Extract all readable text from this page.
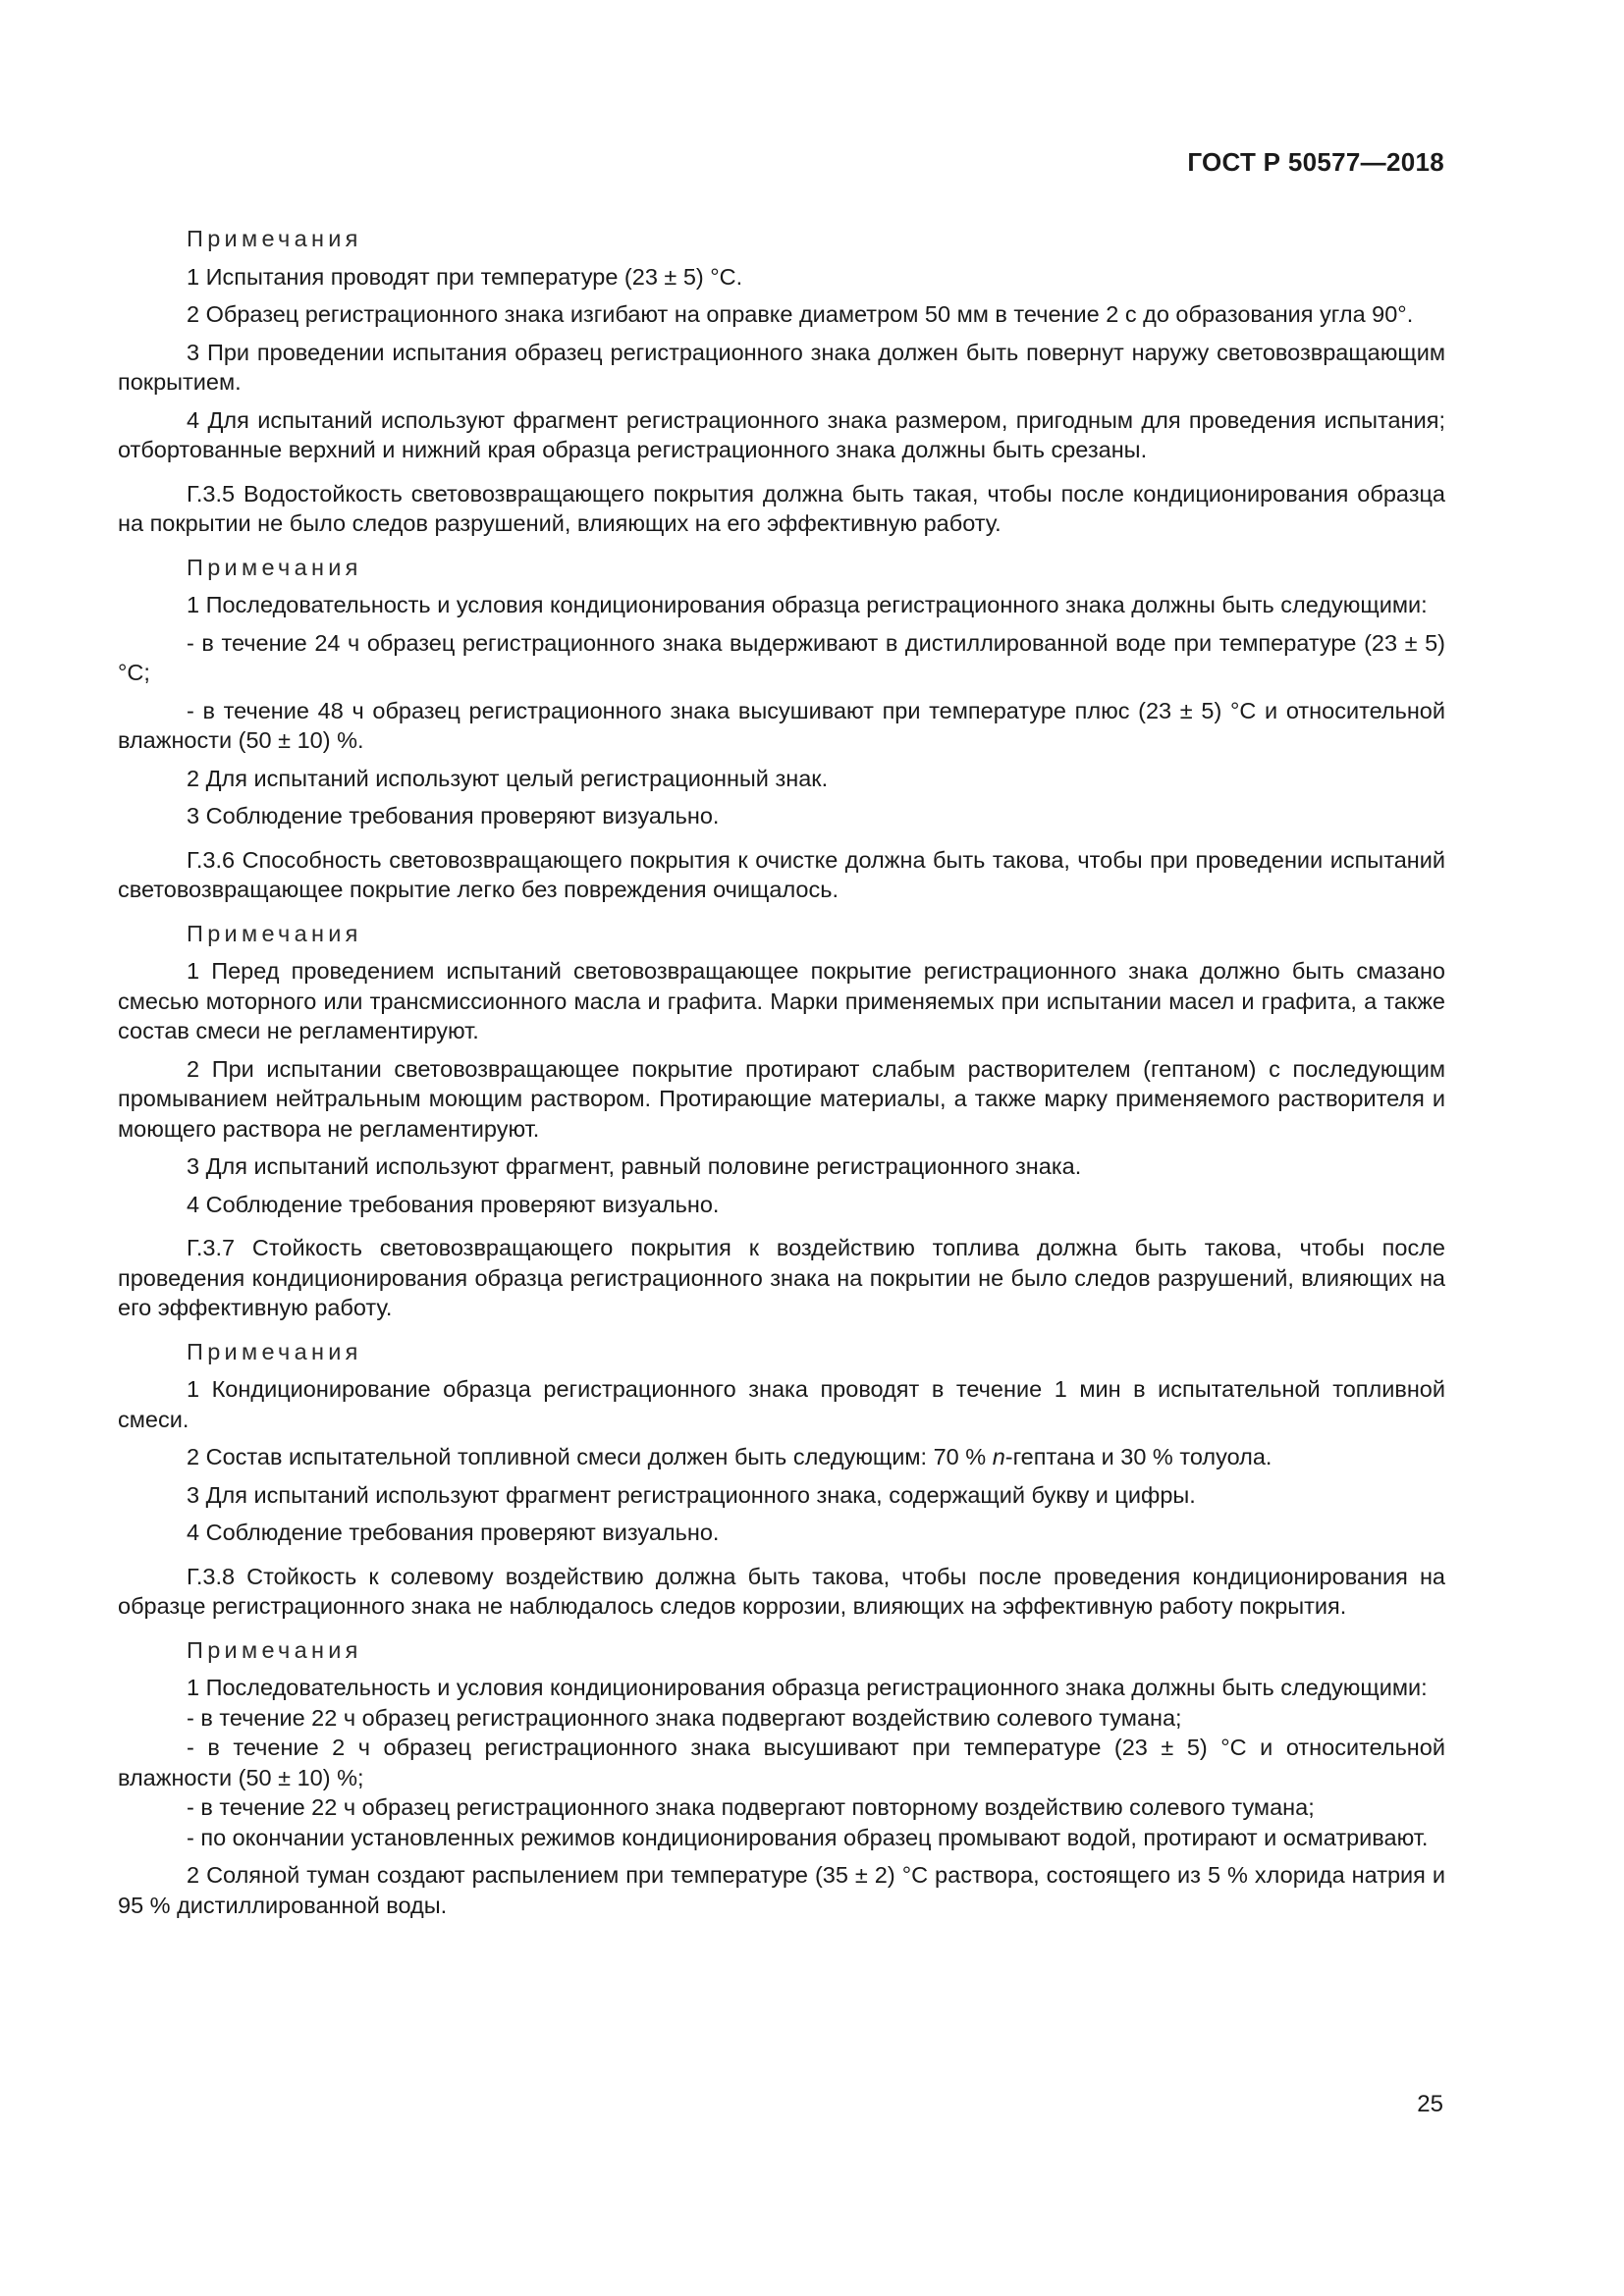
ГОСТ Р 50577—2018

Примечания

1 Испытания проводят при температуре (23 ± 5) °С.

2 Образец регистрационного знака изгибают на оправке диаметром 50 мм в течение 2 с до образования угла 90°.

3 При проведении испытания образец регистрационного знака должен быть повернут наружу световозвращающим покрытием.

4 Для испытаний используют фрагмент регистрационного знака размером, пригодным для проведения испытания; отбортованные верхний и нижний края образца регистрационного знака должны быть срезаны.

Г.3.5 Водостойкость световозвращающего покрытия должна быть такая, чтобы после кондиционирования образца на покрытии не было следов разрушений, влияющих на его эффективную работу.

Примечания

1 Последовательность и условия кондиционирования образца регистрационного знака должны быть следующими:

- в течение 24 ч образец регистрационного знака выдерживают в дистиллированной воде при температуре (23 ± 5) °С;

- в течение 48 ч образец регистрационного знака высушивают при температуре плюс (23 ± 5) °С и относительной влажности (50 ± 10) %.

2 Для испытаний используют целый регистрационный знак.

3 Соблюдение требования проверяют визуально.

Г.3.6 Способность световозвращающего покрытия к очистке должна быть такова, чтобы при проведении испытаний световозвращающее покрытие легко без повреждения очищалось.

Примечания

1 Перед проведением испытаний световозвращающее покрытие регистрационного знака должно быть смазано смесью моторного или трансмиссионного масла и графита. Марки применяемых при испытании масел и графита, а также состав смеси не регламентируют.

2 При испытании световозвращающее покрытие протирают слабым растворителем (гептаном) с последующим промыванием нейтральным моющим раствором. Протирающие материалы, а также марку применяемого растворителя и моющего раствора не регламентируют.

3 Для испытаний используют фрагмент, равный половине регистрационного знака.

4 Соблюдение требования проверяют визуально.

Г.3.7 Стойкость световозвращающего покрытия к воздействию топлива должна быть такова, чтобы после проведения кондиционирования образца регистрационного знака на покрытии не было следов разрушений, влияющих на его эффективную работу.

Примечания

1 Кондиционирование образца регистрационного знака проводят в течение 1 мин в испытательной топливной смеси.

2 Состав испытательной топливной смеси должен быть следующим: 70 % n-гептана и 30 % толуола.

3 Для испытаний используют фрагмент регистрационного знака, содержащий букву и цифры.

4 Соблюдение требования проверяют визуально.

Г.3.8 Стойкость к солевому воздействию должна быть такова, чтобы после проведения кондиционирования на образце регистрационного знака не наблюдалось следов коррозии, влияющих на эффективную работу покрытия.

Примечания

1 Последовательность и условия кондиционирования образца регистрационного знака должны быть следующими:

- в течение 22 ч образец регистрационного знака подвергают воздействию солевого тумана;

- в течение 2 ч образец регистрационного знака высушивают при температуре (23 ± 5) °С и относительной влажности (50 ± 10) %;

- в течение 22 ч образец регистрационного знака подвергают повторному воздействию солевого тумана;

- по окончании установленных режимов кондиционирования образец промывают водой, протирают и осматривают.

2 Соляной туман создают распылением при температуре (35 ± 2) °С раствора, состоящего из 5 % хлорида натрия и 95 % дистиллированной воды.

25
